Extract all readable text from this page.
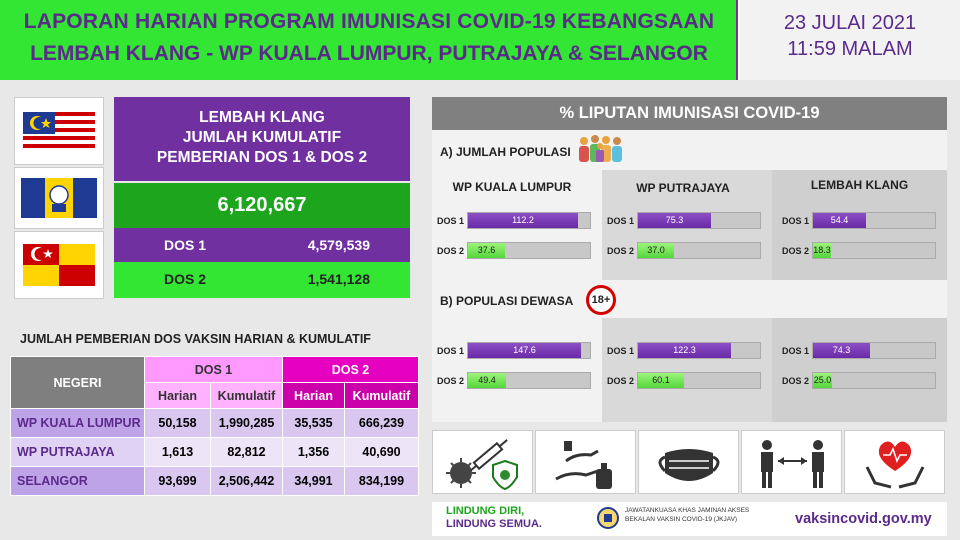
LAPORAN HARIAN PROGRAM IMUNISASI COVID-19 KEBANGSAAN
LEMBAH KLANG - WP KUALA LUMPUR, PUTRAJAYA & SELANGOR
23 JULAI 2021
11:59 MALAM
LEMBAH KLANG
JUMLAH KUMULATIF
PEMBERIAN DOS 1 & DOS 2
6,120,667
DOS 1	4,579,539
DOS 2	1,541,128
JUMLAH PEMBERIAN DOS VAKSIN HARIAN & KUMULATIF
NEGERI	DOS 1		DOS 2	
	Harian	Kumulatif	Harian	Kumulatif
WP KUALA LUMPUR	50,158	1,990,285	35,535	666,239
WP PUTRAJAYA	1,613	82,812	1,356	40,690
SELANGOR	93,699	2,506,442	34,991	834,199
% LIPUTAN IMUNISASI COVID-19
A) JUMLAH POPULASI
B) POPULASI DEWASA	18+
WP KUALA LUMPUR	WP PUTRAJAYA	LEMBAH KLANG
DOS 1	112.2	DOS 1	75.3	DOS 1	54.4
DOS 2	37.6	DOS 2	37.0	DOS 2 18.3
DOS 1	147.6	DOS 1	122.3	DOS 1	74.3
DOS 2	49.4	DOS 2	60.1	DOS 2 25.0
LINDUNG DIRI,
LINDUNG SEMUA.
JAWATANKUASA KHAS JAMINAN AKSES
BEKALAN VAKSIN COVID-19 (JKJAV)	vaksincovid.gov.my
